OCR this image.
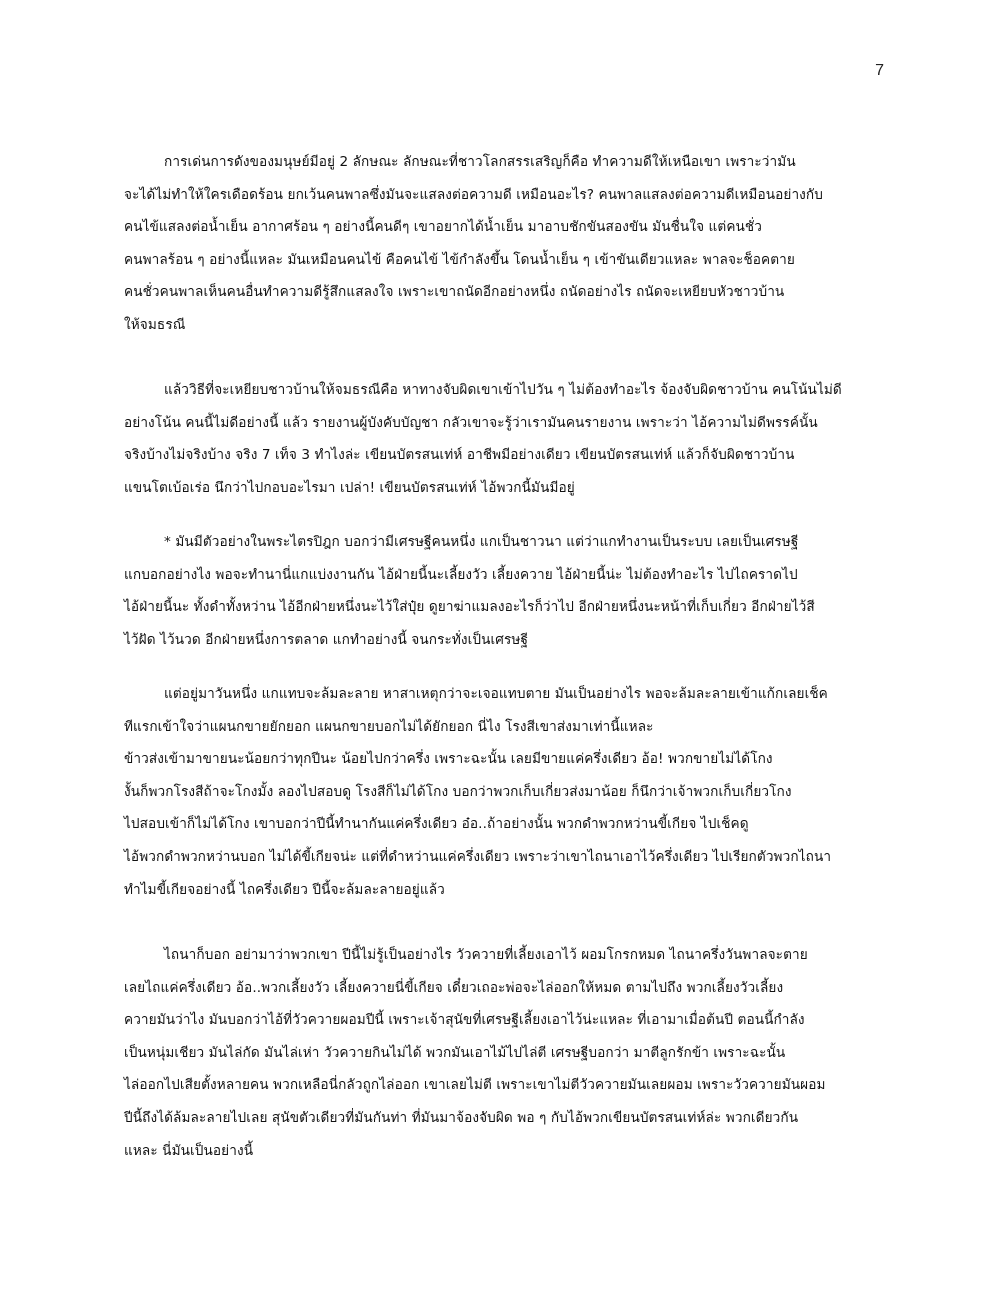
7
การเด่นการดังของมนุษย์มีอยู่ 2 ลักษณะ ลักษณะที่ชาวโลกสรรเสริญก็คือ ทำความดีให้เหนือเขา เพราะว่ามัน
จะได้ไม่ทำให้ใครเดือดร้อน ยกเว้นคนพาลซึ่งมันจะแสลงต่อความดี เหมือนอะไร? คนพาลแสลงต่อความดีเหมือนอย่างกับ
คนไข้แสลงต่อน้ำเย็น อากาศร้อน ๆ อย่างนี้คนดีๆ เขาอยากได้น้ำเย็น มาอาบชักขันสองขัน มันชื่นใจ แต่คนชั่ว
คนพาลร้อน ๆ อย่างนี้แหละ มันเหมือนคนไข้ คือคนไข้ ไข้กำลังขึ้น โดนน้ำเย็น ๆ เข้าขันเดียวแหละ พาลจะช็อคตาย
คนชั่วคนพาลเห็นคนอื่นทำความดีรู้สึกแสลงใจ เพราะเขาถนัดอีกอย่างหนึ่ง ถนัดอย่างไร ถนัดจะเหยียบหัวชาวบ้าน
ให้จมธรณี
แล้ววิธีที่จะเหยียบชาวบ้านให้จมธรณีคือ หาทางจับผิดเขาเข้าไปวัน ๆ ไม่ต้องทำอะไร จ้องจับผิดชาวบ้าน คนโน้นไม่ดี
อย่างโน้น คนนี้ไม่ดีอย่างนี้ แล้ว รายงานผู้บังคับบัญชา กลัวเขาจะรู้ว่าเรามันคนรายงาน เพราะว่า ไอ้ความไม่ดีพรรค์นั้น
จริงบ้างไม่จริงบ้าง จริง 7 เท็จ 3 ทำไงล่ะ เขียนบัตรสนเท่ห์ อาชีพมีอย่างเดียว เขียนบัตรสนเท่ห์ แล้วก็จับผิดชาวบ้าน
แขนโตเบ้อเร่อ นึกว่าไปกอบอะไรมา เปล่า! เขียนบัตรสนเท่ห์ ไอ้พวกนี้มันมีอยู่
* มันมีตัวอย่างในพระไตรปิฎก บอกว่ามีเศรษฐีคนหนึ่ง แกเป็นชาวนา แต่ว่าแกทำงานเป็นระบบ เลยเป็นเศรษฐี
แกบอกอย่างไง พอจะทำนานี่แกแบ่งงานกัน ไอ้ฝ่ายนี้นะเลี้ยงวัว เลี้ยงควาย ไอ้ฝ่ายนี้น่ะ ไม่ต้องทำอะไร ไปไถคราดไป
ไอ้ฝ่ายนี้นะ ทั้งดำทั้งหว่าน ไอ้อีกฝ่ายหนึ่งนะไว้ใส่ปุ๋ย ดูยาฆ่าแมลงอะไรก็ว่าไป อีกฝ่ายหนึ่งนะหน้าที่เก็บเกี่ยว อีกฝ่ายไว้สี
ไว้ฝัด ไว้นวด อีกฝ่ายหนึ่งการตลาด แกทำอย่างนี้ จนกระทั่งเป็นเศรษฐี
แต่อยู่มาวันหนึ่ง แกแทบจะล้มละลาย หาสาเหตุกว่าจะเจอแทบตาย มันเป็นอย่างไร พอจะล้มละลายเข้าแก้กเลยเช็ค
ทีแรกเข้าใจว่าแผนกขายยักยอก แผนกขายบอกไม่ได้ยักยอก นี่ไง โรงสีเขาส่งมาเท่านี้แหละ
ข้าวส่งเข้ามาขายนะน้อยกว่าทุกปีนะ น้อยไปกว่าครึ่ง เพราะฉะนั้น เลยมีขายแค่ครึ่งเดียว อ้อ! พวกขายไม่ได้โกง
งั้นก็พวกโรงสีถ้าจะโกงมั้ง ลองไปสอบดู โรงสีก็ไม่ได้โกง บอกว่าพวกเก็บเกี่ยวส่งมาน้อย ก็นึกว่าเจ้าพวกเก็บเกี่ยวโกง
ไปสอบเข้าก็ไม่ได้โกง เขาบอกว่าปีนี้ทำนากันแค่ครึ่งเดียว อ๋อ..ถ้าอย่างนั้น พวกดำพวกหว่านขี้เกียจ ไปเช็คดู
ไอ้พวกดำพวกหว่านบอก ไม่ได้ขี้เกียจน่ะ แต่ที่ดำหว่านแค่ครึ่งเดียว เพราะว่าเขาไถนาเอาไว้ครึ่งเดียว ไปเรียกตัวพวกไถนา
ทำไมขี้เกียจอย่างนี้ ไถครึ่งเดียว ปีนี้จะล้มละลายอยู่แล้ว
ไถนาก็บอก อย่ามาว่าพวกเขา ปีนี้ไม่รู้เป็นอย่างไร วัวควายที่เลี้ยงเอาไว้ ผอมโกรกหมด ไถนาครึ่งวันพาลจะตาย
เลยไถแค่ครึ่งเดียว อ้อ..พวกเลี้ยงวัว เลี้ยงควายนี่ขี้เกียจ เดี๋ยวเถอะพ่อจะไล่ออกให้หมด ตามไปถึง พวกเลี้ยงวัวเลี้ยง
ควายมันว่าไง มันบอกว่าไอ้ที่วัวควายผอมปีนี้ เพราะเจ้าสุนัขที่เศรษฐีเลี้ยงเอาไว้น่ะแหละ ที่เอามาเมื่อต้นปี ตอนนี้กำลัง
เป็นหนุ่มเชียว มันไล่กัด มันไล่เห่า วัวควายกินไม่ได้ พวกมันเอาไม้ไปไล่ตี เศรษฐีบอกว่า มาตีลูกรักข้า เพราะฉะนั้น
ไล่ออกไปเสียตั้งหลายคน พวกเหลือนี่กลัวถูกไล่ออก เขาเลยไม่ตี เพราะเขาไม่ตีวัวควายมันเลยผอม เพราะวัวควายมันผอม
ปีนี้ถึงได้ล้มละลายไปเลย สุนัขตัวเดียวที่มันกันท่า ที่มันมาจ้องจับผิด พอ ๆ กับไอ้พวกเขียนบัตรสนเท่ห์ล่ะ พวกเดียวกัน
แหละ นี่มันเป็นอย่างนี้
